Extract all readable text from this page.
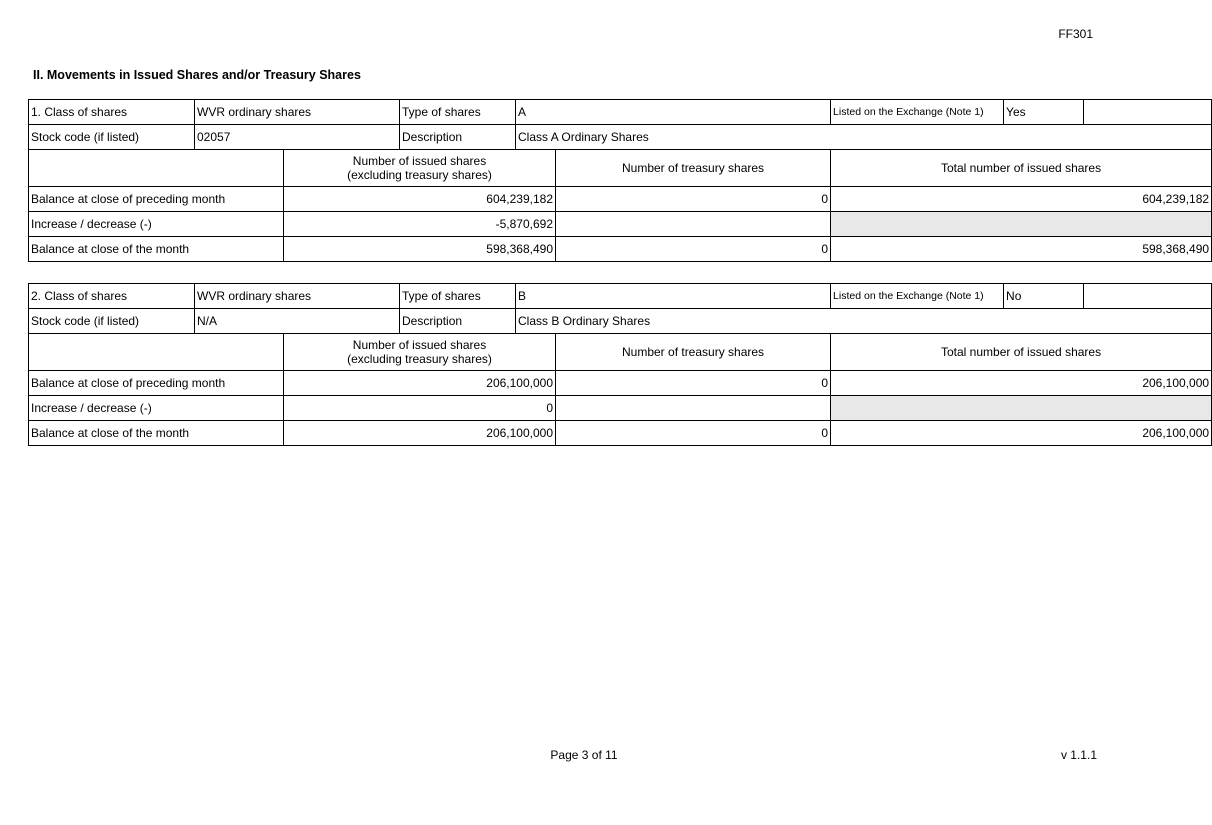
FF301
II. Movements in Issued Shares and/or Treasury Shares
1. Class of shares	WVR ordinary shares		Type of shares	A		Listed on the Exchange (Note 1)	Yes	
Stock code (if listed)	02057		Description	Class A Ordinary Shares				
		Number of issued shares
(excluding treasury shares)			Number of treasury shares	Total number of issued shares		
Balance at close of preceding month		604,239,182			0	604,239,182		
Increase / decrease (-)		-5,870,692						
Balance at close of the month		598,368,490			0	598,368,490		
2. Class of shares	WVR ordinary shares		Type of shares	B		Listed on the Exchange (Note 1)	No	
Stock code (if listed)	N/A		Description	Class B Ordinary Shares				
		Number of issued shares
(excluding treasury shares)			Number of treasury shares	Total number of issued shares		
Balance at close of preceding month		206,100,000			0	206,100,000		
Increase / decrease (-)		0						
Balance at close of the month		206,100,000			0	206,100,000		
Page 3 of 11	v 1.1.1
